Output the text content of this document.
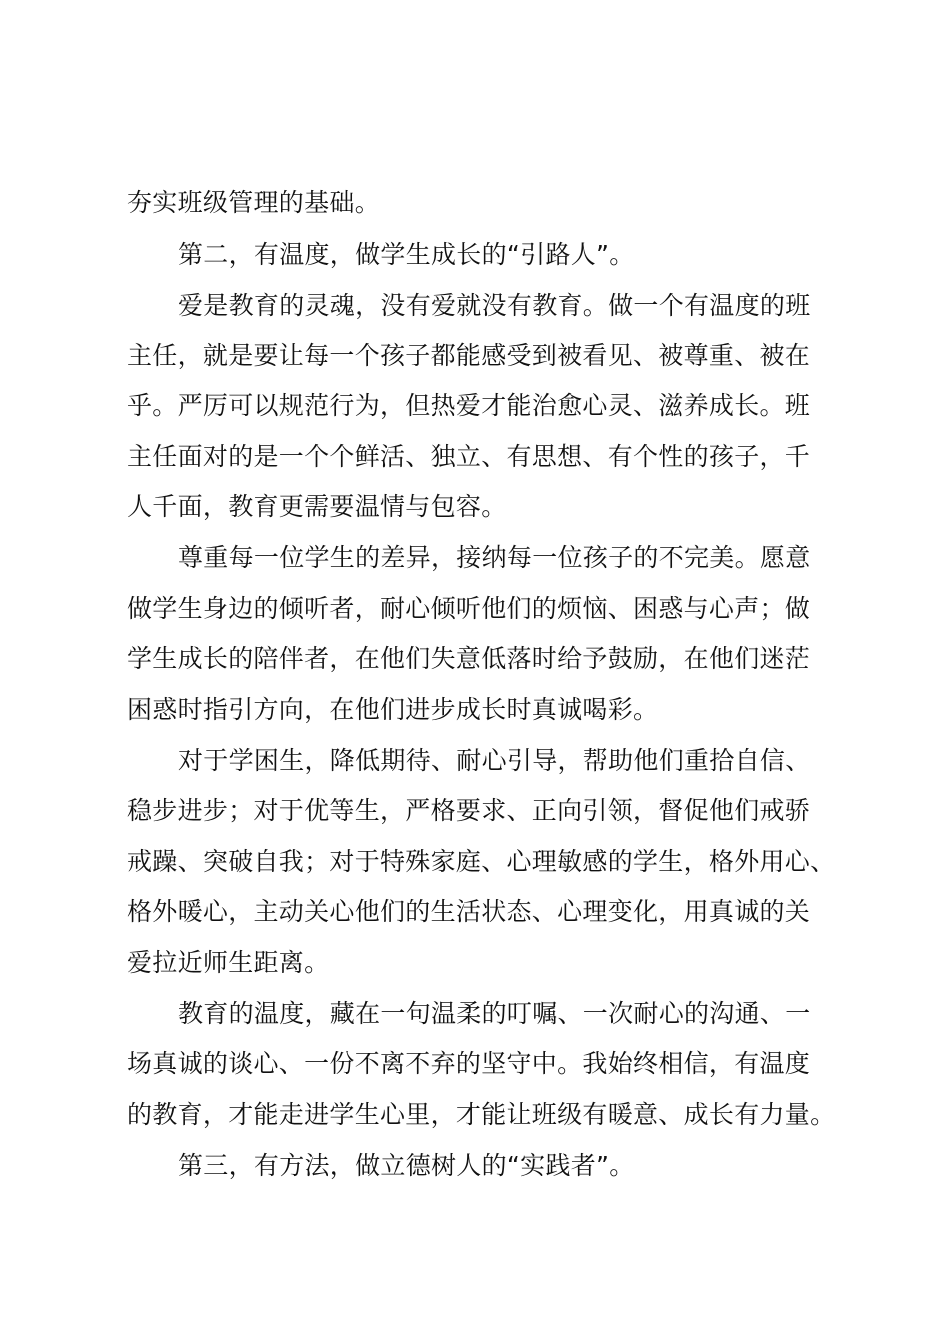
夯实班级管理的基础。
第二，有温度，做学生成长的“引路人”。
爱是教育的灵魂，没有爱就没有教育。做一个有温度的班
主任，就是要让每一个孩子都能感受到被看见、被尊重、被在
乎。严厉可以规范行为，但热爱才能治愈心灵、滋养成长。班
主任面对的是一个个鲜活、独立、有思想、有个性的孩子，千
人千面，教育更需要温情与包容。
尊重每一位学生的差异，接纳每一位孩子的不完美。愿意
做学生身边的倾听者，耐心倾听他们的烦恼、困惑与心声；做
学生成长的陪伴者，在他们失意低落时给予鼓励，在他们迷茫
困惑时指引方向，在他们进步成长时真诚喝彩。
对于学困生，降低期待、耐心引导，帮助他们重拾自信、
稳步进步；对于优等生，严格要求、正向引领，督促他们戒骄
戒躁、突破自我；对于特殊家庭、心理敏感的学生，格外用心、
格外暖心，主动关心他们的生活状态、心理变化，用真诚的关
爱拉近师生距离。
教育的温度，藏在一句温柔的叮嘱、一次耐心的沟通、一
场真诚的谈心、一份不离不弃的坚守中。我始终相信，有温度
的教育，才能走进学生心里，才能让班级有暖意、成长有力量。
第三，有方法，做立德树人的“实践者”。
